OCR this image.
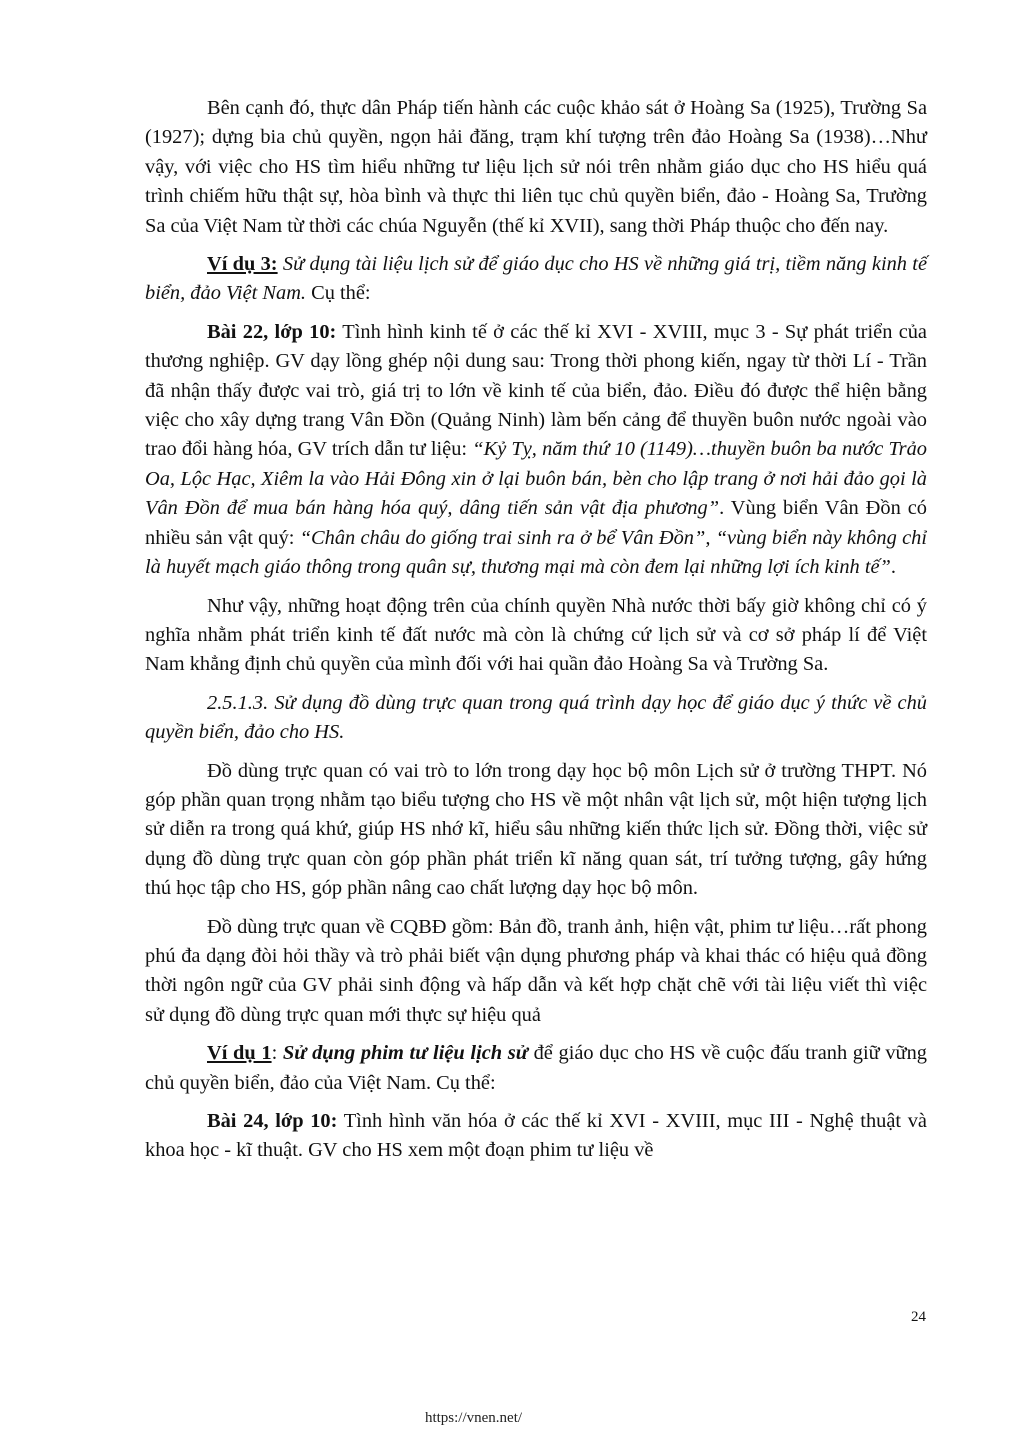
Bên cạnh đó, thực dân Pháp tiến hành các cuộc khảo sát ở Hoàng Sa (1925), Trường Sa (1927); dựng bia chủ quyền, ngọn hải đăng, trạm khí tượng trên đảo Hoàng Sa (1938)…Như vậy, với việc cho HS tìm hiểu những tư liệu lịch sử nói trên nhằm giáo dục cho HS hiểu quá trình chiếm hữu thật sự, hòa bình và thực thi liên tục chủ quyền biển, đảo - Hoàng Sa, Trường Sa của Việt Nam từ thời các chúa Nguyễn (thế kỉ XVII), sang thời Pháp thuộc cho đến nay.

Ví dụ 3: Sử dụng tài liệu lịch sử để giáo dục cho HS về những giá trị, tiềm năng kinh tế biển, đảo Việt Nam. Cụ thể:

Bài 22, lớp 10: Tình hình kinh tế ở các thế kỉ XVI - XVIII, mục 3 - Sự phát triển của thương nghiệp. GV dạy lồng ghép nội dung sau: Trong thời phong kiến, ngay từ thời Lí - Trần đã nhận thấy được vai trò, giá trị to lớn về kinh tế của biển, đảo. Điều đó được thể hiện bằng việc cho xây dựng trang Vân Đồn (Quảng Ninh) làm bến cảng để thuyền buôn nước ngoài vào trao đổi hàng hóa, GV trích dẫn tư liệu: “Kỷ Tỵ, năm thứ 10 (1149)…thuyền buôn ba nước Trảo Oa, Lộc Hạc, Xiêm la vào Hải Đông xin ở lại buôn bán, bèn cho lập trang ở nơi hải đảo gọi là Vân Đồn để mua bán hàng hóa quý, dâng tiến sản vật địa phương”. Vùng biển Vân Đồn có nhiều sản vật quý: “Chân châu do giống trai sinh ra ở bể Vân Đồn”, “vùng biển này không chỉ là huyết mạch giáo thông trong quân sự, thương mại mà còn đem lại những lợi ích kinh tế”.

Như vậy, những hoạt động trên của chính quyền Nhà nước thời bấy giờ không chỉ có ý nghĩa nhằm phát triển kinh tế đất nước mà còn là chứng cứ lịch sử và cơ sở pháp lí để Việt Nam khẳng định chủ quyền của mình đối với hai quần đảo Hoàng Sa và Trường Sa.

2.5.1.3. Sử dụng đồ dùng trực quan trong quá trình dạy học để giáo dục ý thức về chủ quyền biển, đảo cho HS.

Đồ dùng trực quan có vai trò to lớn trong dạy học bộ môn Lịch sử ở trường THPT. Nó góp phần quan trọng nhằm tạo biểu tượng cho HS về một nhân vật lịch sử, một hiện tượng lịch sử diễn ra trong quá khứ, giúp HS nhớ kĩ, hiểu sâu những kiến thức lịch sử. Đồng thời, việc sử dụng đồ dùng trực quan còn góp phần phát triển kĩ năng quan sát, trí tưởng tượng, gây hứng thú học tập cho HS, góp phần nâng cao chất lượng dạy học bộ môn.

Đồ dùng trực quan về CQBĐ gồm: Bản đồ, tranh ảnh, hiện vật, phim tư liệu…rất phong phú đa dạng đòi hỏi thầy và trò phải biết vận dụng phương pháp và khai thác có hiệu quả đồng thời ngôn ngữ của GV phải sinh động và hấp dẫn và kết hợp chặt chẽ với tài liệu viết thì việc sử dụng đồ dùng trực quan mới thực sự hiệu quả

Ví dụ 1: Sử dụng phim tư liệu lịch sử để giáo dục cho HS về cuộc đấu tranh giữ vững chủ quyền biển, đảo của Việt Nam. Cụ thể:

Bài 24, lớp 10: Tình hình văn hóa ở các thế kỉ XVI - XVIII, mục III - Nghệ thuật và khoa học - kĩ thuật. GV cho HS xem một đoạn phim tư liệu về

24
https://vnen.net/
